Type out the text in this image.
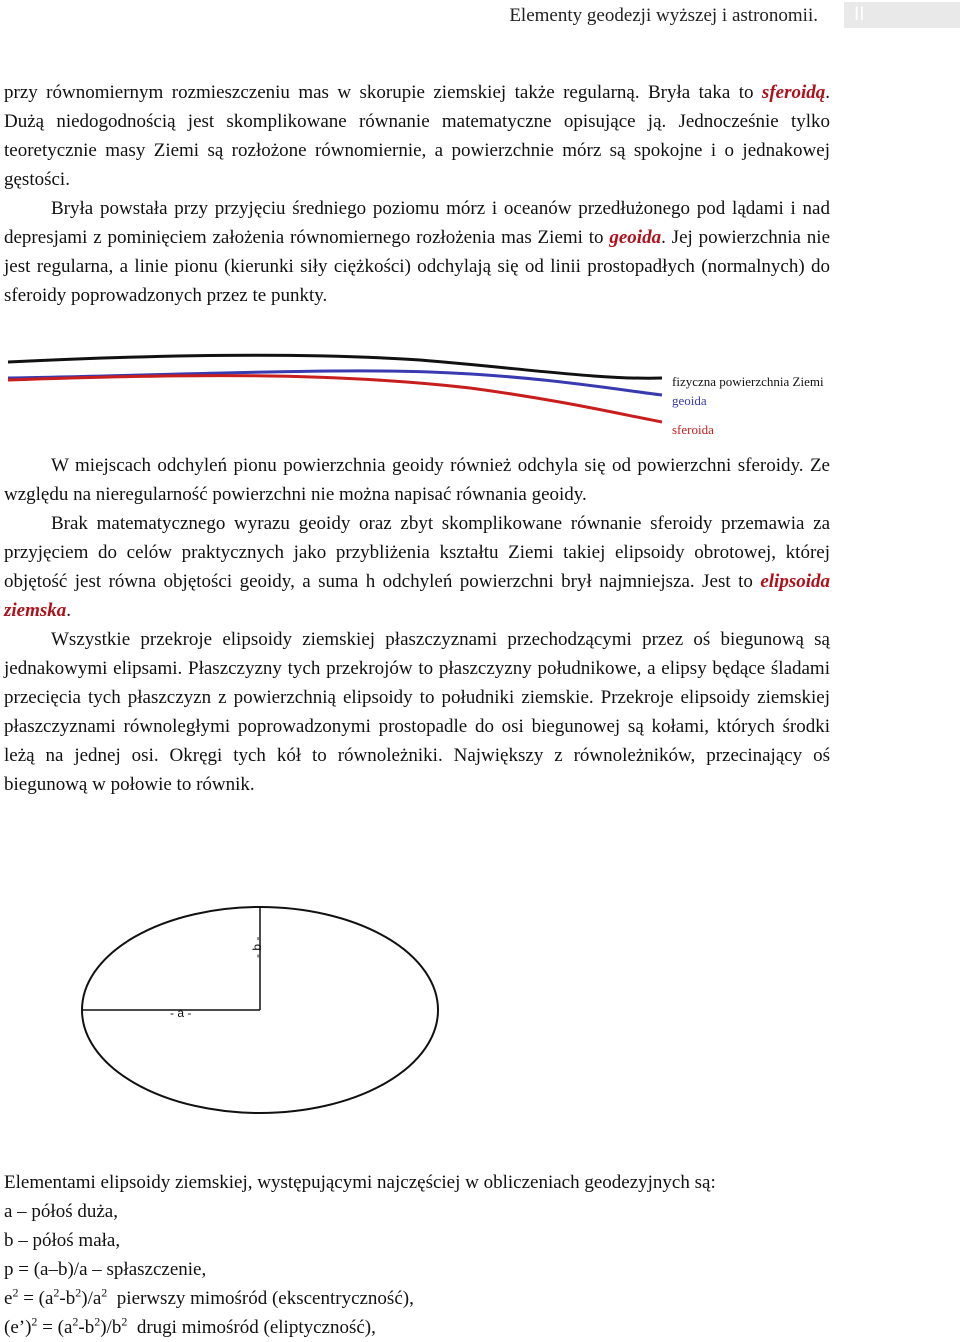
Elementy geodezji wyższej i astronomii. II

przy równomiernym rozmieszczeniu mas w skorupie ziemskiej także regularną. Bryła taka to sferoidą. Dużą niedogodnością jest skomplikowane równanie matematyczne opisujące ją. Jednocześnie tylko teoretycznie masy Ziemi są rozłożone równomiernie, a powierzchnie mórz są spokojne i o jednakowej gęstości.

Bryła powstała przy przyjęciu średniego poziomu mórz i oceanów przedłużonego pod lądami i nad depresjami z pominięciem założenia równomiernego rozłożenia mas Ziemi to geoida. Jej powierzchnia nie jest regularna, a linie pionu (kierunki siły ciężkości) odchylają się od linii prostopadłych (normalnych) do sferoidy poprowadzonych przez te punkty.

fizyczna powierzchnia Ziemi
geoida
sferoida

W miejscach odchyleń pionu powierzchnia geoidy również odchyla się od powierzchni sferoidy. Ze względu na nieregularność powierzchni nie można napisać równania geoidy.

Brak matematycznego wyrazu geoidy oraz zbyt skomplikowane równanie sferoidy przemawia za przyjęciem do celów praktycznych jako przybliżenia kształtu Ziemi takiej elipsoidy obrotowej, której objętość jest równa objętości geoidy, a suma h odchyleń powierzchni brył najmniejsza. Jest to elipsoida ziemska.

Wszystkie przekroje elipsoidy ziemskiej płaszczyznami przechodzącymi przez oś biegunową są jednakowymi elipsami. Płaszczyzny tych przekrojów to płaszczyzny południkowe, a elipsy będące śladami przecięcia tych płaszczyzn z powierzchnią elipsoidy to południki ziemskie. Przekroje elipsoidy ziemskiej płaszczyznami równoległymi poprowadzonymi prostopadle do osi biegunowej są kołami, których środki leżą na jednej osi. Okręgi tych kół to równoleżniki. Największy z równoleżników, przecinający oś biegunową w połowie to równik.

- a -
- b -

Elementami elipsoidy ziemskiej, występującymi najczęściej w obliczeniach geodezyjnych są:

a – półoś duża,

b – półoś mała,

p = (a–b)/a – spłaszczenie,

$e^2 = (a^2-b^2)/a^2$ pierwszy mimośród (ekscentryczność),

(e’)$^2$ = $(a^2-b^2)/b^2$ drugi mimośród (eliptyczność),
